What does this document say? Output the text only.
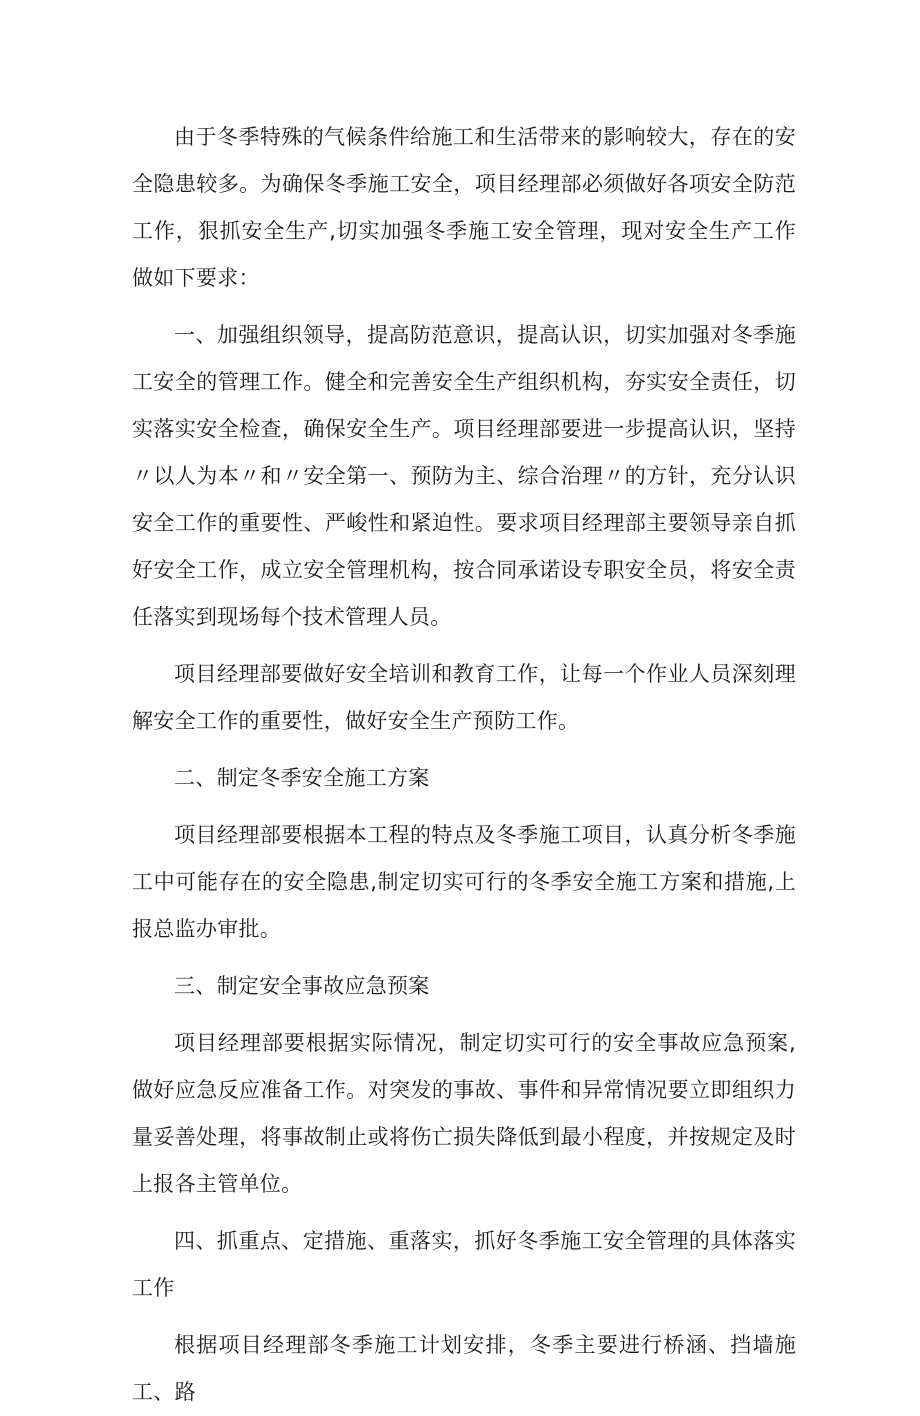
由于冬季特殊的气候条件给施工和生活带来的影响较大，存在的安全隐患较多。为确保冬季施工安全，项目经理部必须做好各项安全防范工作，狠抓安全生产,切实加强冬季施工安全管理，现对安全生产工作做如下要求：

一、加强组织领导，提高防范意识，提高认识，切实加强对冬季施工安全的管理工作。健全和完善安全生产组织机构，夯实安全责任，切实落实安全检查，确保安全生产。项目经理部要进一步提高认识，坚持〃以人为本〃和〃安全第一、预防为主、综合治理〃的方针，充分认识安全工作的重要性、严峻性和紧迫性。要求项目经理部主要领导亲自抓好安全工作，成立安全管理机构，按合同承诺设专职安全员，将安全责任落实到现场每个技术管理人员。

项目经理部要做好安全培训和教育工作，让每一个作业人员深刻理解安全工作的重要性，做好安全生产预防工作。

二、制定冬季安全施工方案

项目经理部要根据本工程的特点及冬季施工项目，认真分析冬季施工中可能存在的安全隐患,制定切实可行的冬季安全施工方案和措施,上报总监办审批。

三、制定安全事故应急预案

项目经理部要根据实际情况，制定切实可行的安全事故应急预案,做好应急反应准备工作。对突发的事故、事件和异常情况要立即组织力量妥善处理，将事故制止或将伤亡损失降低到最小程度，并按规定及时上报各主管单位。

四、抓重点、定措施、重落实，抓好冬季施工安全管理的具体落实工作

根据项目经理部冬季施工计划安排，冬季主要进行桥涵、挡墙施工、路
